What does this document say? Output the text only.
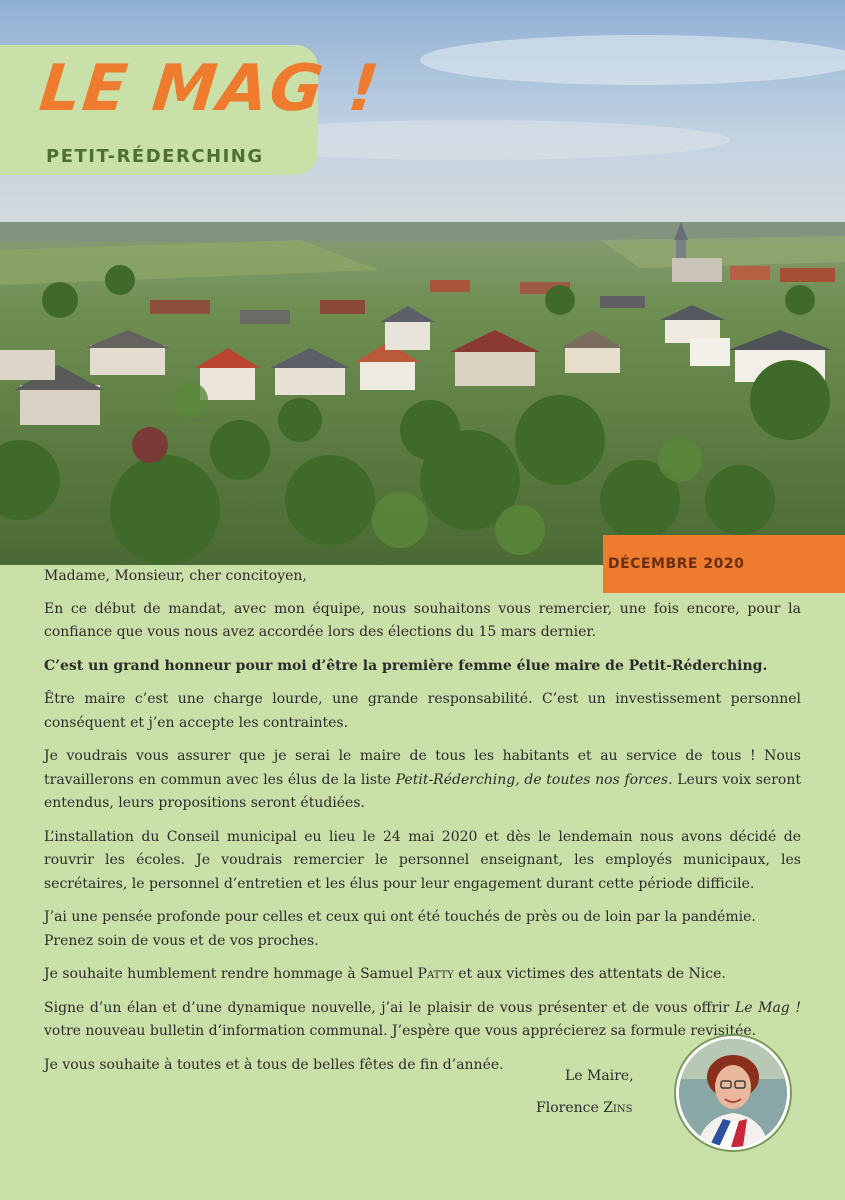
LE MAG !
PETIT-RÉDERCHING
DÉCEMBRE 2020

Madame, Monsieur, cher concitoyen,

En ce début de mandat, avec mon équipe, nous souhaitons vous remercier, une fois encore, pour la confiance que vous nous avez accordée lors des élections du 15 mars dernier.

C’est un grand honneur pour moi d’être la première femme élue maire de Petit-Réderching.

Être maire c’est une charge lourde, une grande responsabilité. C’est un investissement personnel conséquent et j’en accepte les contraintes.

Je voudrais vous assurer que je serai le maire de tous les habitants et au service de tous ! Nous travaillerons en commun avec les élus de la liste Petit-Réderching, de toutes nos forces. Leurs voix seront entendus, leurs propositions seront étudiées.

L’installation du Conseil municipal eu lieu le 24 mai 2020 et dès le lendemain nous avons décidé de rouvrir les écoles. Je voudrais remercier le personnel enseignant, les employés municipaux, les secrétaires, le personnel d’entretien et les élus pour leur engagement durant cette période difficile.

J’ai une pensée profonde pour celles et ceux qui ont été touchés de près ou de loin par la pandémie.
Prenez soin de vous et de vos proches.

Je souhaite humblement rendre hommage à Samuel Patty et aux victimes des attentats de Nice.

Signe d’un élan et d’une dynamique nouvelle, j’ai le plaisir de vous présenter et de vous offrir Le Mag ! votre nouveau bulletin d’information communal. J’espère que vous apprécierez sa formule revisitée.

Je vous souhaite à toutes et à tous de belles fêtes de fin d’année.

Le Maire,
Florence Zins
